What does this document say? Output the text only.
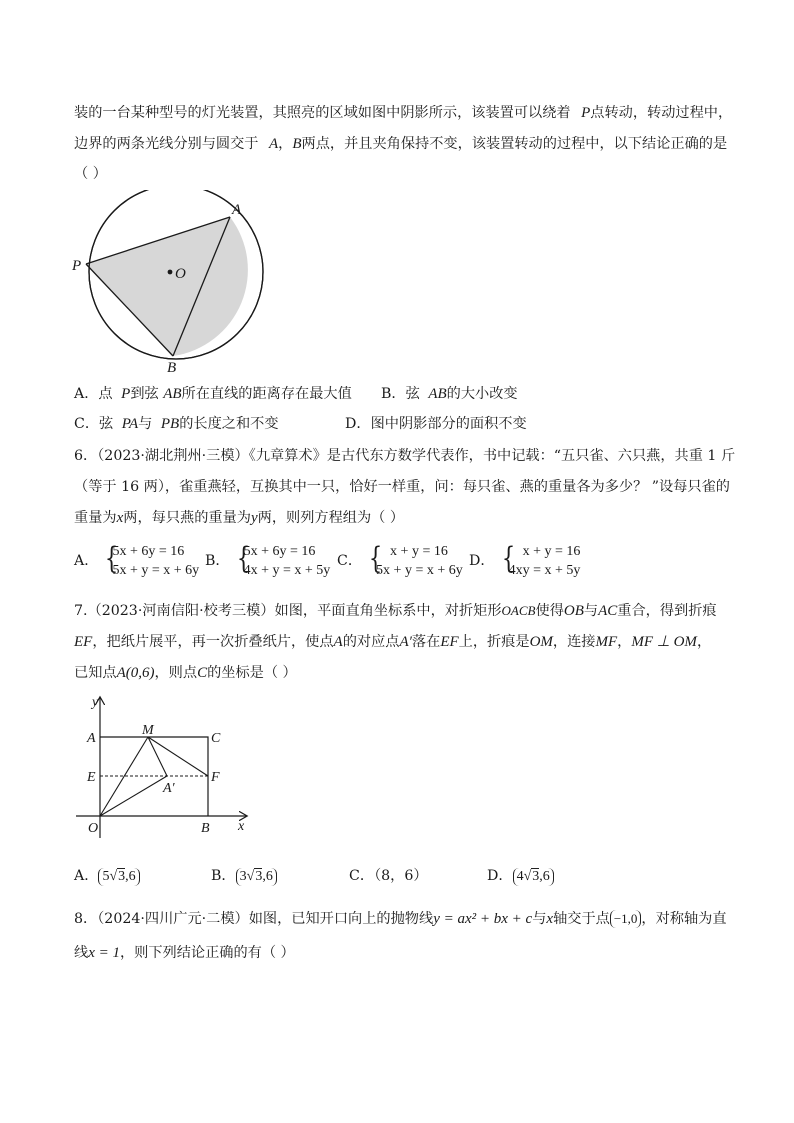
装的一台某种型号的灯光装置，其照亮的区域如图中阴影所示，该装置可以绕着 P点转动，转动过程中，
边界的两条光线分别与圆交于 A，B两点，并且夹角保持不变，该装置转动的过程中，以下结论正确的是
（ ）
A
P	O
B
A．点 P到弦 AB所在直线的距离存在最大值 B．弦 AB的大小改变
C．弦 PA与 PB的长度之和不变	D．图中阴影部分的面积不变
6．（2023·湖北荆州·三模）《九章算术》是古代东方数学代表作，书中记载：“五只雀、六只燕，共重 1 斤
（等于 16 两），雀重燕轻，互换其中一只，恰好一样重，问：每只雀、燕的重量各为多少？ ”设每只雀的
重量为x两，每只燕的重量为y两，则列方程组为（ ）
A． {
5x + 6y = 16
5x + y = x + 6y
B． {
5x + 6y = 16
4x + y = x + 5y
C． { x + y = 16
5x + y = x + 6y
D． { x + y = 16
4xy = x + 5y
7.（2023·河南信阳·校考三模）如图，平面直角坐标系中，对折矩形OACB使得OB与AC重合，得到折痕
EF，把纸片展平，再一次折叠纸片，使点A的对应点A′落在EF上，折痕是OM，连接MF，MF ⊥ OM，
已知点A(0,6)，则点C的坐标是（ ）
y
x
A
M
C
E	F
A′
O	B
A． 5√3,6	B． 3√3,6	C．（8，6）	D． 4√3,6
8．（2024·四川广元·二模）如图，已知开口向上的抛物线y = ax² + bx + c与x轴交于点 −1,0 ，对称轴为直
线x = 1，则下列结论正确的有（ ）
